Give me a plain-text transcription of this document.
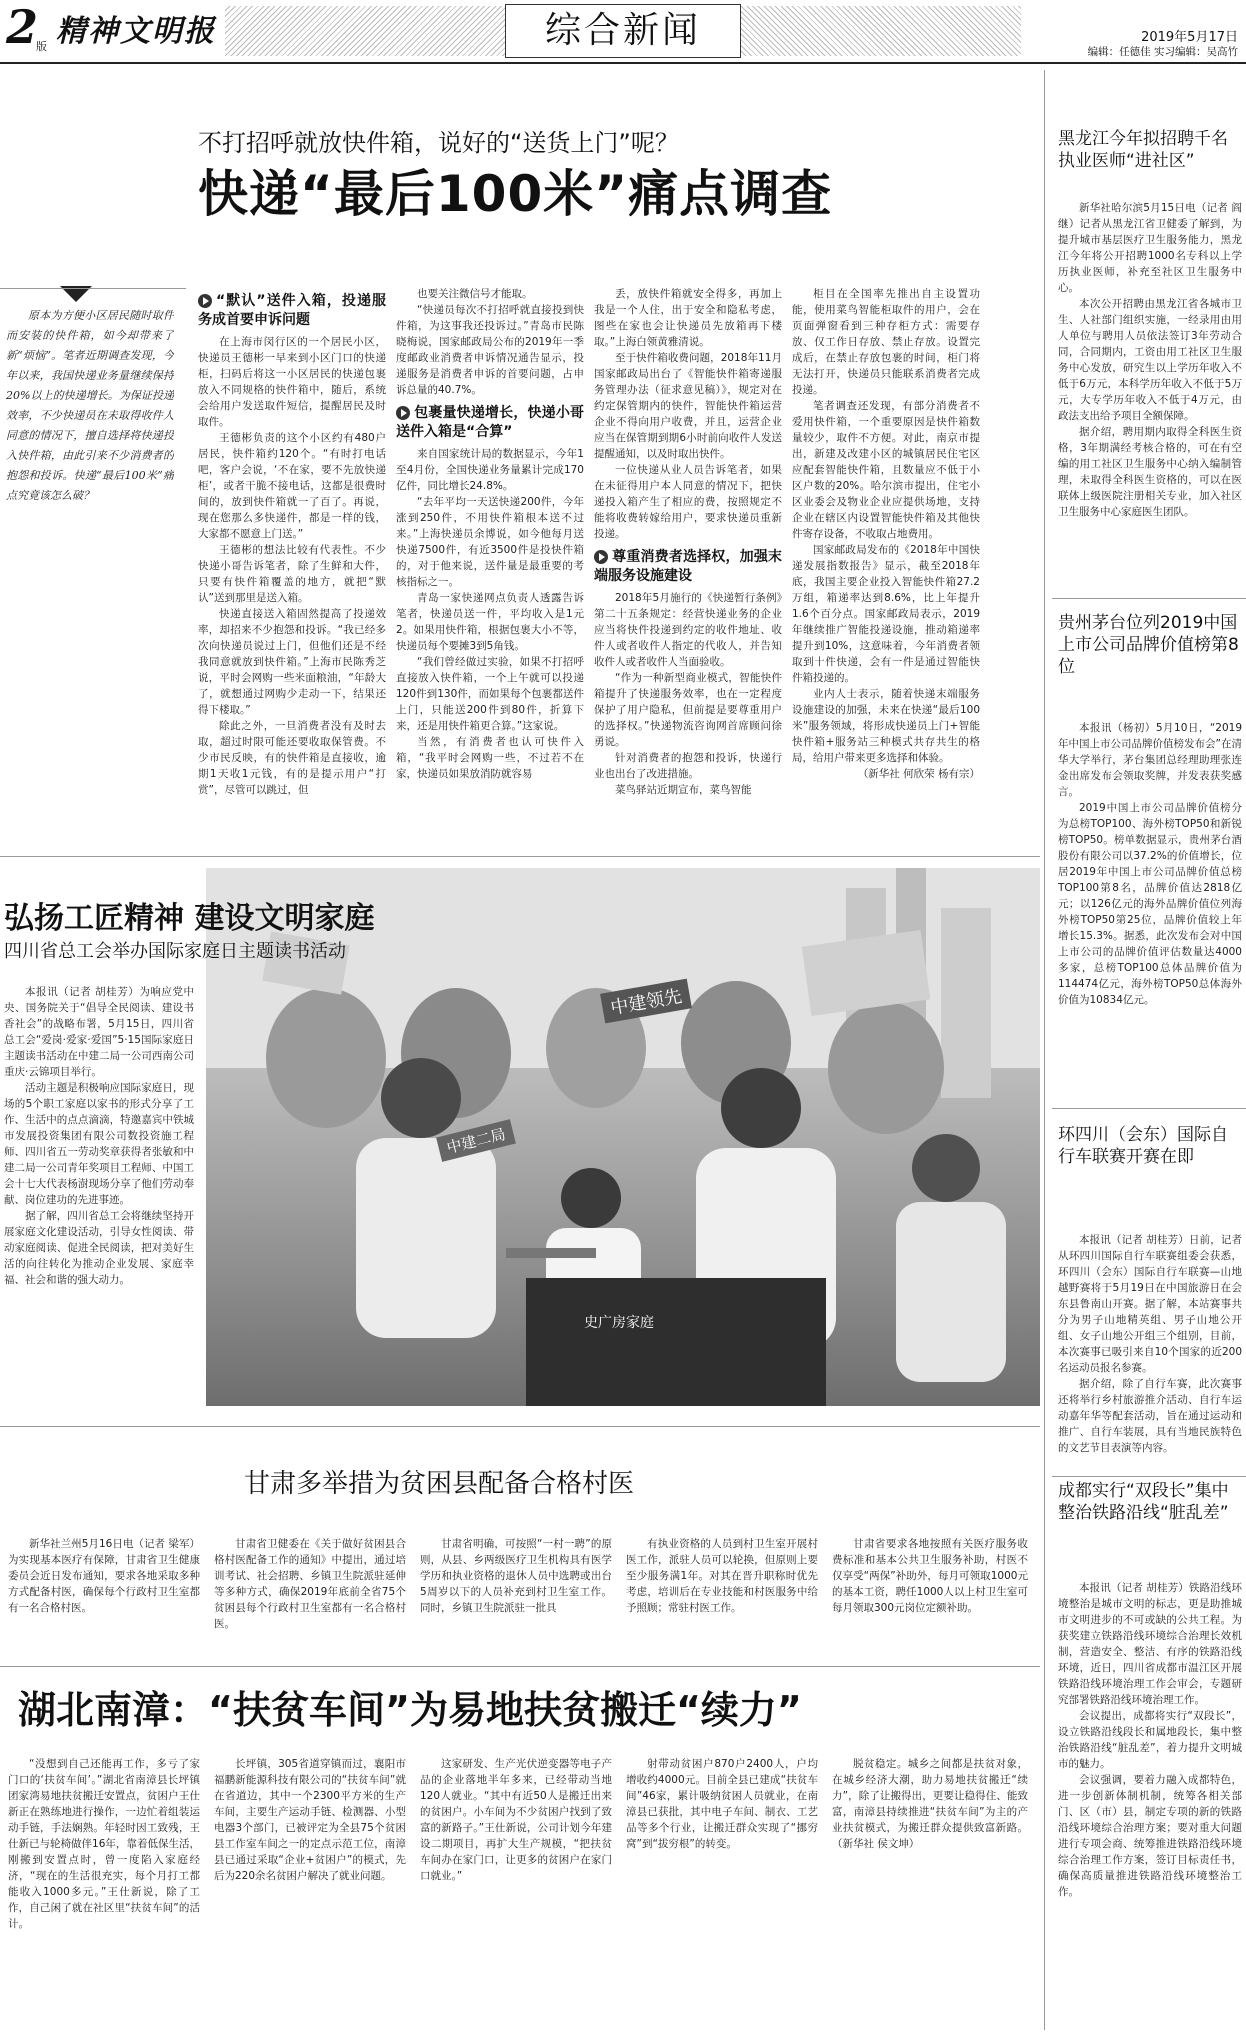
2
版 精神文明报	综合新闻	2019年5月17日
编辑：任德佳 实习编辑：吴高竹
不打招呼就放快件箱，说好的“送货上门”呢？
快递“最后100米”痛点调查

原本为方便小区居民随时取件而安装的快件箱，如今却带来了新“烦恼”。笔者近期调查发现，今年以来，我国快递业务量继续保持20%以上的快递增长。为保证投递效率，不少快递员在未取得收件人同意的情况下，擅自选择将快递投入快件箱，由此引来不少消费者的抱怨和投诉。快递“最后100米”痛点究竟该怎么破？

“默认”送件入箱，投递服务成首要申诉问题

在上海市闵行区的一个居民小区，快递员王德彬一早来到小区门口的快递柜，扫码后将这一小区居民的快递包裹放入不同规格的快件箱中，随后，系统会给用户发送取件短信，提醒居民及时取件。

王德彬负责的这个小区约有480户居民，快件箱约120个。“有时打电话吧，客户会说，‘不在家，要不先放快递柜’，或者干脆不接电话，这都是很费时间的，放到快件箱就一了百了。再说，现在您那么多快递件，都是一样的钱，大家都不愿意上门送。”

王德彬的想法比较有代表性。不少快递小哥告诉笔者，除了生鲜和大件，只要有快件箱覆盖的地方，就把“默认”送到那里是送入箱。

快递直接送入箱固然提高了投递效率，却招来不少抱怨和投诉。“我已经多次向快递员说过上门，但他们还是不经我同意就放到快件箱。”上海市民陈秀芝说，平时会网购一些米面粮油，“年龄大了，就想通过网购少走动一下，结果还得下楼取。”

除此之外，一旦消费者没有及时去取，超过时限可能还要收取保管费。不少市民反映，有的快件箱是直接收，逾期1天收1元钱，有的是提示用户“打赏”，尽管可以跳过，但

也要关注微信号才能取。

“快递员每次不打招呼就直接投到快件箱，为这事我还投诉过。”青岛市民陈晓梅说，国家邮政局公布的2019年一季度邮政业消费者申诉情况通告显示，投递服务是消费者申诉的首要问题，占申诉总量的40.7%。

包裹量快递增长，快递小哥送件入箱是“合算”

来自国家统计局的数据显示，今年1至4月份，全国快递业务量累计完成170亿件，同比增长24.8%。

“去年平均一天送快递200件，今年涨到250件，不用快件箱根本送不过来。”上海快递员余博说，如今他每月送快递7500件，有近3500件是投快件箱的，对于他来说，送件量是最重要的考核指标之一。

青岛一家快递网点负责人透露告诉笔者，快递员送一件，平均收入是1元2。如果用快件箱，根据包裹大小不等，快递员每个要摊3到5角钱。

“我们曾经做过实验，如果不打招呼直接放入快件箱，一个上午就可以投递120件到130件，而如果每个包裹都送件上门，只能送200件到80件，折算下来，还是用快件箱更合算。”这家说。

当然，有消费者也认可快件入箱，“我平时会网购一些，不过若不在家，快递员如果放消防就容易

丢，放快件箱就安全得多，再加上我是一个人住，出于安全和隐私考虑，图些在家也会让快递员先放箱再下楼取。”上海白领黄雅清说。

至于快件箱收费问题，2018年11月国家邮政局出台了《智能快件箱寄递服务管理办法（征求意见稿）》，规定对在约定保管期内的快件，智能快件箱运营企业不得向用户收费，并且，运营企业应当在保管期到期6小时前向收件人发送提醒通知，以及时取出快件。

一位快递从业人员告诉笔者，如果在未征得用户本人同意的情况下，把快递投入箱产生了相应的费，按照规定不能将收费转嫁给用户，要求快递员重新投递。

尊重消费者选择权，加强末端服务设施建设

2018年5月施行的《快递暂行条例》第二十五条规定：经营快递业务的企业应当将快件投递到约定的收件地址、收件人或者收件人指定的代收人，并告知收件人或者收件人当面验收。

“作为一种新型商业模式，智能快件箱提升了快递服务效率，也在一定程度保护了用户隐私，但前提是要尊重用户的选择权。”快递物流咨询网首席顾问徐勇说。

针对消费者的抱怨和投诉，快递行业也出台了改进措施。

菜鸟驿站近期宣布，菜鸟智能

柜目在全国率先推出自主设置功能，使用菜鸟智能柜取件的用户，会在页面弹窗看到三种存柜方式：需要存放、仅工作日存放、禁止存放。设置完成后，在禁止存放包裹的时间，柜门将无法打开，快递员只能联系消费者完成投递。

笔者调查还发现，有部分消费者不爱用快件箱，一个重要原因是快件箱数量较少，取件不方便。对此，南京市提出，新建及改建小区的城镇居民住宅区应配套智能快件箱，且数量应不低于小区户数的20%。哈尔滨市提出，住宅小区业委会及物业企业应提供场地，支持企业在辖区内设置智能快件箱及其他快件寄存设备，不收取占地费用。

国家邮政局发布的《2018年中国快递发展指数报告》显示，截至2018年底，我国主要企业投入智能快件箱27.2万组，箱递率达到8.6%，比上年提升1.6个百分点。国家邮政局表示，2019年继续推广智能投递设施，推动箱递率提升到10%，这意味着，今年消费者领取到十件快递，会有一件是通过智能快件箱投递的。

业内人士表示，随着快递末端服务设施建设的加强，未来在快递“最后100米”服务领域，将形成快递员上门+智能快件箱+服务站三种模式共存共生的格局，给用户带来更多选择和体验。

（新华社 何欣荣 杨有宗）
弘扬工匠精神 建设文明家庭
四川省总工会举办国际家庭日主题读书活动
中建领先
中建二局
史广房家庭

本报讯（记者 胡桂芳）为响应党中央、国务院关于“倡导全民阅读、建设书香社会”的战略布署，5月15日，四川省总工会“爱岗·爱家·爱国”5·15国际家庭日主题读书活动在中建二局一公司西南公司重庆·云锦项目举行。

活动主题是积极响应国际家庭日，现场的5个职工家庭以家书的形式分享了工作、生活中的点点滴滴，特邀嘉宾中铁城市发展投资集团有限公司数投资施工程师、四川省五一劳动奖章获得者张敏和中建二局一公司青年奖项目工程师、中国工会十七大代表杨澍现场分享了他们劳动奉献、岗位建功的先进事迹。

据了解，四川省总工会将继续坚持开展家庭文化建设活动，引导女性阅读、带动家庭阅读、促进全民阅读，把对美好生活的向往转化为推动企业发展、家庭幸福、社会和谐的强大动力。

甘肃多举措为贫困县配备合格村医

新华社兰州5月16日电（记者 梁军）为实现基本医疗有保障，甘肃省卫生健康委员会近日发布通知，要求各地采取多种方式配备村医，确保每个行政村卫生室都有一名合格村医。

甘肃省卫健委在《关于做好贫困县合格村医配备工作的通知》中提出，通过培训考试、社会招聘、乡镇卫生院派驻延伸等多种方式，确保2019年底前全省75个贫困县每个行政村卫生室都有一名合格村医。

甘肃省明确，可按照“一村一聘”的原则，从县、乡两级医疗卫生机构具有医学学历和执业资格的退休人员中选聘或出台5周岁以下的人员补充到村卫生室工作。同时，乡镇卫生院派驻一批具

有执业资格的人员到村卫生室开展村医工作，派驻人员可以轮换，但原则上要至少服务满1年。对其在晋升职称时优先考虑，培训后在专业技能和村医服务中给予照顾；常驻村医工作。

甘肃省要求各地按照有关医疗服务收费标准和基本公共卫生服务补助，村医不仅享受“两保”补助外，每月可领取1000元的基本工资，聘任1000人以上村卫生室可每月领取300元岗位定额补助。

湖北南漳：“扶贫车间”为易地扶贫搬迁“续力”

“没想到自己还能再工作，多亏了家门口的‘扶贫车间’。”湖北省南漳县长坪镇团家湾易地扶贫搬迁安置点，贫困户王仕新正在熟练地进行操作，一边忙着组装运动手链，手法娴熟。年轻时因工致残，王仕新已与轮椅做伴16年，靠着低保生活，刚搬到安置点时，曾一度陷入家庭经济，“现在的生活很充实，每个月打工都能收入1000多元。”王仕新说，除了工作，自己闲了就在社区里“扶贫车间”的活计。

长坪镇，305省道穿镇而过，襄阳市福鹏新能源科技有限公司的“扶贫车间”就在省道边，其中一个2300平方米的生产车间，主要生产运动手链、检测器、小型电器3个部门，已被评定为全县75个贫困县工作室车间之一的定点示范工位，南漳县已通过采取“企业+贫困户”的模式，先后为220余名贫困户解决了就业问题。

这家研发、生产光伏逆变器等电子产品的企业落地半年多来，已经带动当地120人就业。“其中有近50人是搬迁出来的贫困户。小车间为不少贫困户找到了致富的新路子。”王仕新说，公司计划今年建设二期项目，再扩大生产规模，“把扶贫车间办在家门口，让更多的贫困户在家门口就业。”

射带动贫困户870户2400人，户均增收约4000元。目前全县已建成“扶贫车间”46家，累计吸纳贫困人员就业，在南漳县已获批，其中电子车间、制衣、工艺品等多个行业，让搬迁群众实现了“挪穷窝”到“拔穷根”的转变。

脱贫稳定。城乡之间都是扶贫对象，在城乡经济大潮，助力易地扶贫搬迁“续力”，除了让搬得出，更要让稳得住、能致富，南漳县持续推进“扶贫车间”为主的产业扶贫模式，为搬迁群众提供致富新路。（新华社 侯文坤）

黑龙江今年拟招聘千名执业医师“进社区”

新华社哈尔滨5月15日电（记者 阎继）记者从黑龙江省卫健委了解到，为提升城市基层医疗卫生服务能力，黑龙江今年将公开招聘1000名专科以上学历执业医师，补充至社区卫生服务中心。

本次公开招聘由黑龙江省各城市卫生、人社部门组织实施，一经录用由用人单位与聘用人员依法签订3年劳动合同，合同期内，工资由用工社区卫生服务中心发放，研究生以上学历年收入不低于6万元，本科学历年收入不低于5万元，大专学历年收入不低于4万元，由政法支出给予项目全额保障。

据介绍，聘用期内取得全科医生资格，3年期满经考核合格的，可在有空编的用工社区卫生服务中心纳入编制管理，未取得全科医生资格的，可以在医联体上级医院注册相关专业，加入社区卫生服务中心家庭医生团队。

贵州茅台位列2019中国上市公司品牌价值榜第8位

本报讯（杨初）5月10日，“2019年中国上市公司品牌价值榜发布会”在清华大学举行，茅台集团总经理助理张连金出席发布会领取奖牌，并发表获奖感言。

2019中国上市公司品牌价值榜分为总榜TOP100、海外榜TOP50和新锐榜TOP50。榜单数据显示，贵州茅台酒股份有限公司以37.2%的价值增长，位居2019年中国上市公司品牌价值总榜TOP100第8名，品牌价值达2818亿元；以126亿元的海外品牌价值位列海外榜TOP50第25位，品牌价值较上年增长15.3%。据悉，此次发布会对中国上市公司的品牌价值评估数量达4000多家，总榜TOP100总体品牌价值为114474亿元，海外榜TOP50总体海外价值为10834亿元。

环四川（会东）国际自行车联赛开赛在即

本报讯（记者 胡桂芳）日前，记者从环四川国际自行车联赛组委会获悉，环四川（会东）国际自行车联赛—山地越野赛将于5月19日在中国旅游日在会东县鲁南山开赛。据了解，本站赛事共分为男子山地精英组、男子山地公开组、女子山地公开组三个组别，目前，本次赛事已吸引来自10个国家的近200名运动员报名参赛。

据介绍，除了自行车赛，此次赛事还将举行乡村旅游推介活动、自行车运动嘉年华等配套活动，旨在通过运动和推广、自行车装展，具有当地民族特色的文艺节目表演等内容。

成都实行“双段长”集中整治铁路沿线“脏乱差”

本报讯（记者 胡桂芳）铁路沿线环境整治是城市文明的标志，更是助推城市文明进步的不可或缺的公共工程。为获奖建立铁路沿线环境综合治理长效机制，营造安全、整洁、有序的铁路沿线环境，近日，四川省成都市温江区开展铁路沿线环境治理工作会审会，专题研究部署铁路沿线环境治理工作。

会议提出，成都将实行“双段长”，设立铁路沿线段长和属地段长，集中整治铁路沿线“脏乱差”，着力提升文明城市的魅力。

会议强调，要着力融入成都特色，进一步创新体制机制，统筹各相关部门、区（市）县，制定专项的新的铁路沿线环境综合治理方案；要对重大问题进行专项会商、统筹推进铁路沿线环境综合治理工作方案，签订目标责任书，确保高质量推进铁路沿线环境整治工作。
